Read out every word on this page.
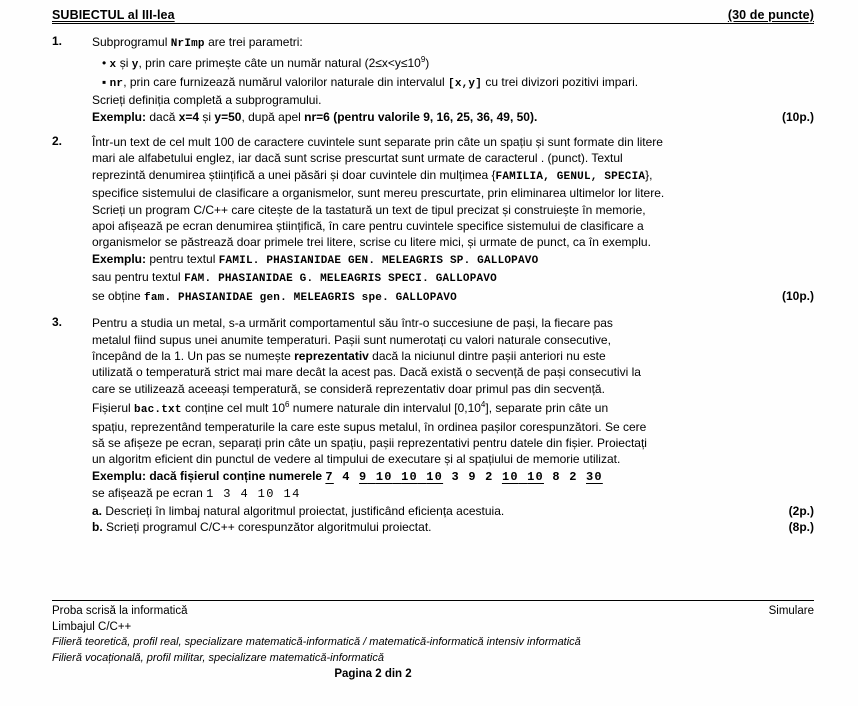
SUBIECTUL al III-lea	(30 de puncte)
1.	Subprogramul NrImp are trei parametri:
• x și y, prin care primește câte un număr natural $(2\le x<y\le 10^9)$
▪ nr, prin care furnizează numărul valorilor naturale din intervalul [x,y] cu trei divizori pozitivi impari.
Scrieți definiția completă a subprogramului.
Exemplu: dacă x=4 și y=50, după apel nr=6 (pentru valorile 9, 16, 25, 36, 49, 50).	(10p.)
2.	Într-un text de cel mult 100 de caractere cuvintele sunt separate prin câte un spațiu și sunt formate din litere
mari ale alfabetului englez, iar dacă sunt scrise prescurtat sunt urmate de caracterul . (punct). Textul
reprezintă denumirea științifică a unei păsări și doar cuvintele din mulțimea {FAMILIA, GENUL, SPECIA},
specifice sistemului de clasificare a organismelor, sunt mereu prescurtate, prin eliminarea ultimelor lor litere.
Scrieți un program C/C++ care citește de la tastatură un text de tipul precizat și construiește în memorie,
apoi afișează pe ecran denumirea științifică, în care pentru cuvintele specifice sistemului de clasificare a
organismelor se păstrează doar primele trei litere, scrise cu litere mici, și urmate de punct, ca în exemplu.
Exemplu: pentru textul FAMIL. PHASIANIDAE GEN. MELEAGRIS SP. GALLOPAVO
sau pentru textul FAM. PHASIANIDAE G. MELEAGRIS SPECI. GALLOPAVO
se obține fam. PHASIANIDAE gen. MELEAGRIS spe. GALLOPAVO	(10p.)
3.	Pentru a studia un metal, s-a urmărit comportamentul său într-o succesiune de pași, la fiecare pas
metalul fiind supus unei anumite temperaturi. Pașii sunt numerotați cu valori naturale consecutive,
începând de la 1. Un pas se numește reprezentativ dacă la niciunul dintre pașii anteriori nu este
utilizată o temperatură strict mai mare decât la acest pas. Dacă există o secvență de pași consecutivi la
care se utilizează aceeași temperatură, se consideră reprezentativ doar primul pas din secvență.
Fișierul bac.txt conține cel mult $10^6$ numere naturale din intervalul [0,10$^4$], separate prin câte un
spațiu, reprezentând temperaturile la care este supus metalul, în ordinea pașilor corespunzători. Se cere
să se afișeze pe ecran, separați prin câte un spațiu, pașii reprezentativi pentru datele din fișier. Proiectați
un algoritm eficient din punctul de vedere al timpului de executare și al spațiului de memorie utilizat.
Exemplu: dacă fișierul conține numerele 7 4 9 10 10 10 3 9 2 10 10 8 2 30
se afișează pe ecran 1 3 4 10 14
a. Descrieți în limbaj natural algoritmul proiectat, justificând eficiența acestuia.	(2p.)
b. Scrieți programul C/C++ corespunzător algoritmului proiectat.	(8p.)
Proba scrisă la informatică	Simulare
Limbajul C/C++
Filieră teoretică, profil real, specializare matematică-informatică / matematică-informatică intensiv informatică
Filieră vocațională, profil militar, specializare matematică-informatică
Pagina 2 din 2
